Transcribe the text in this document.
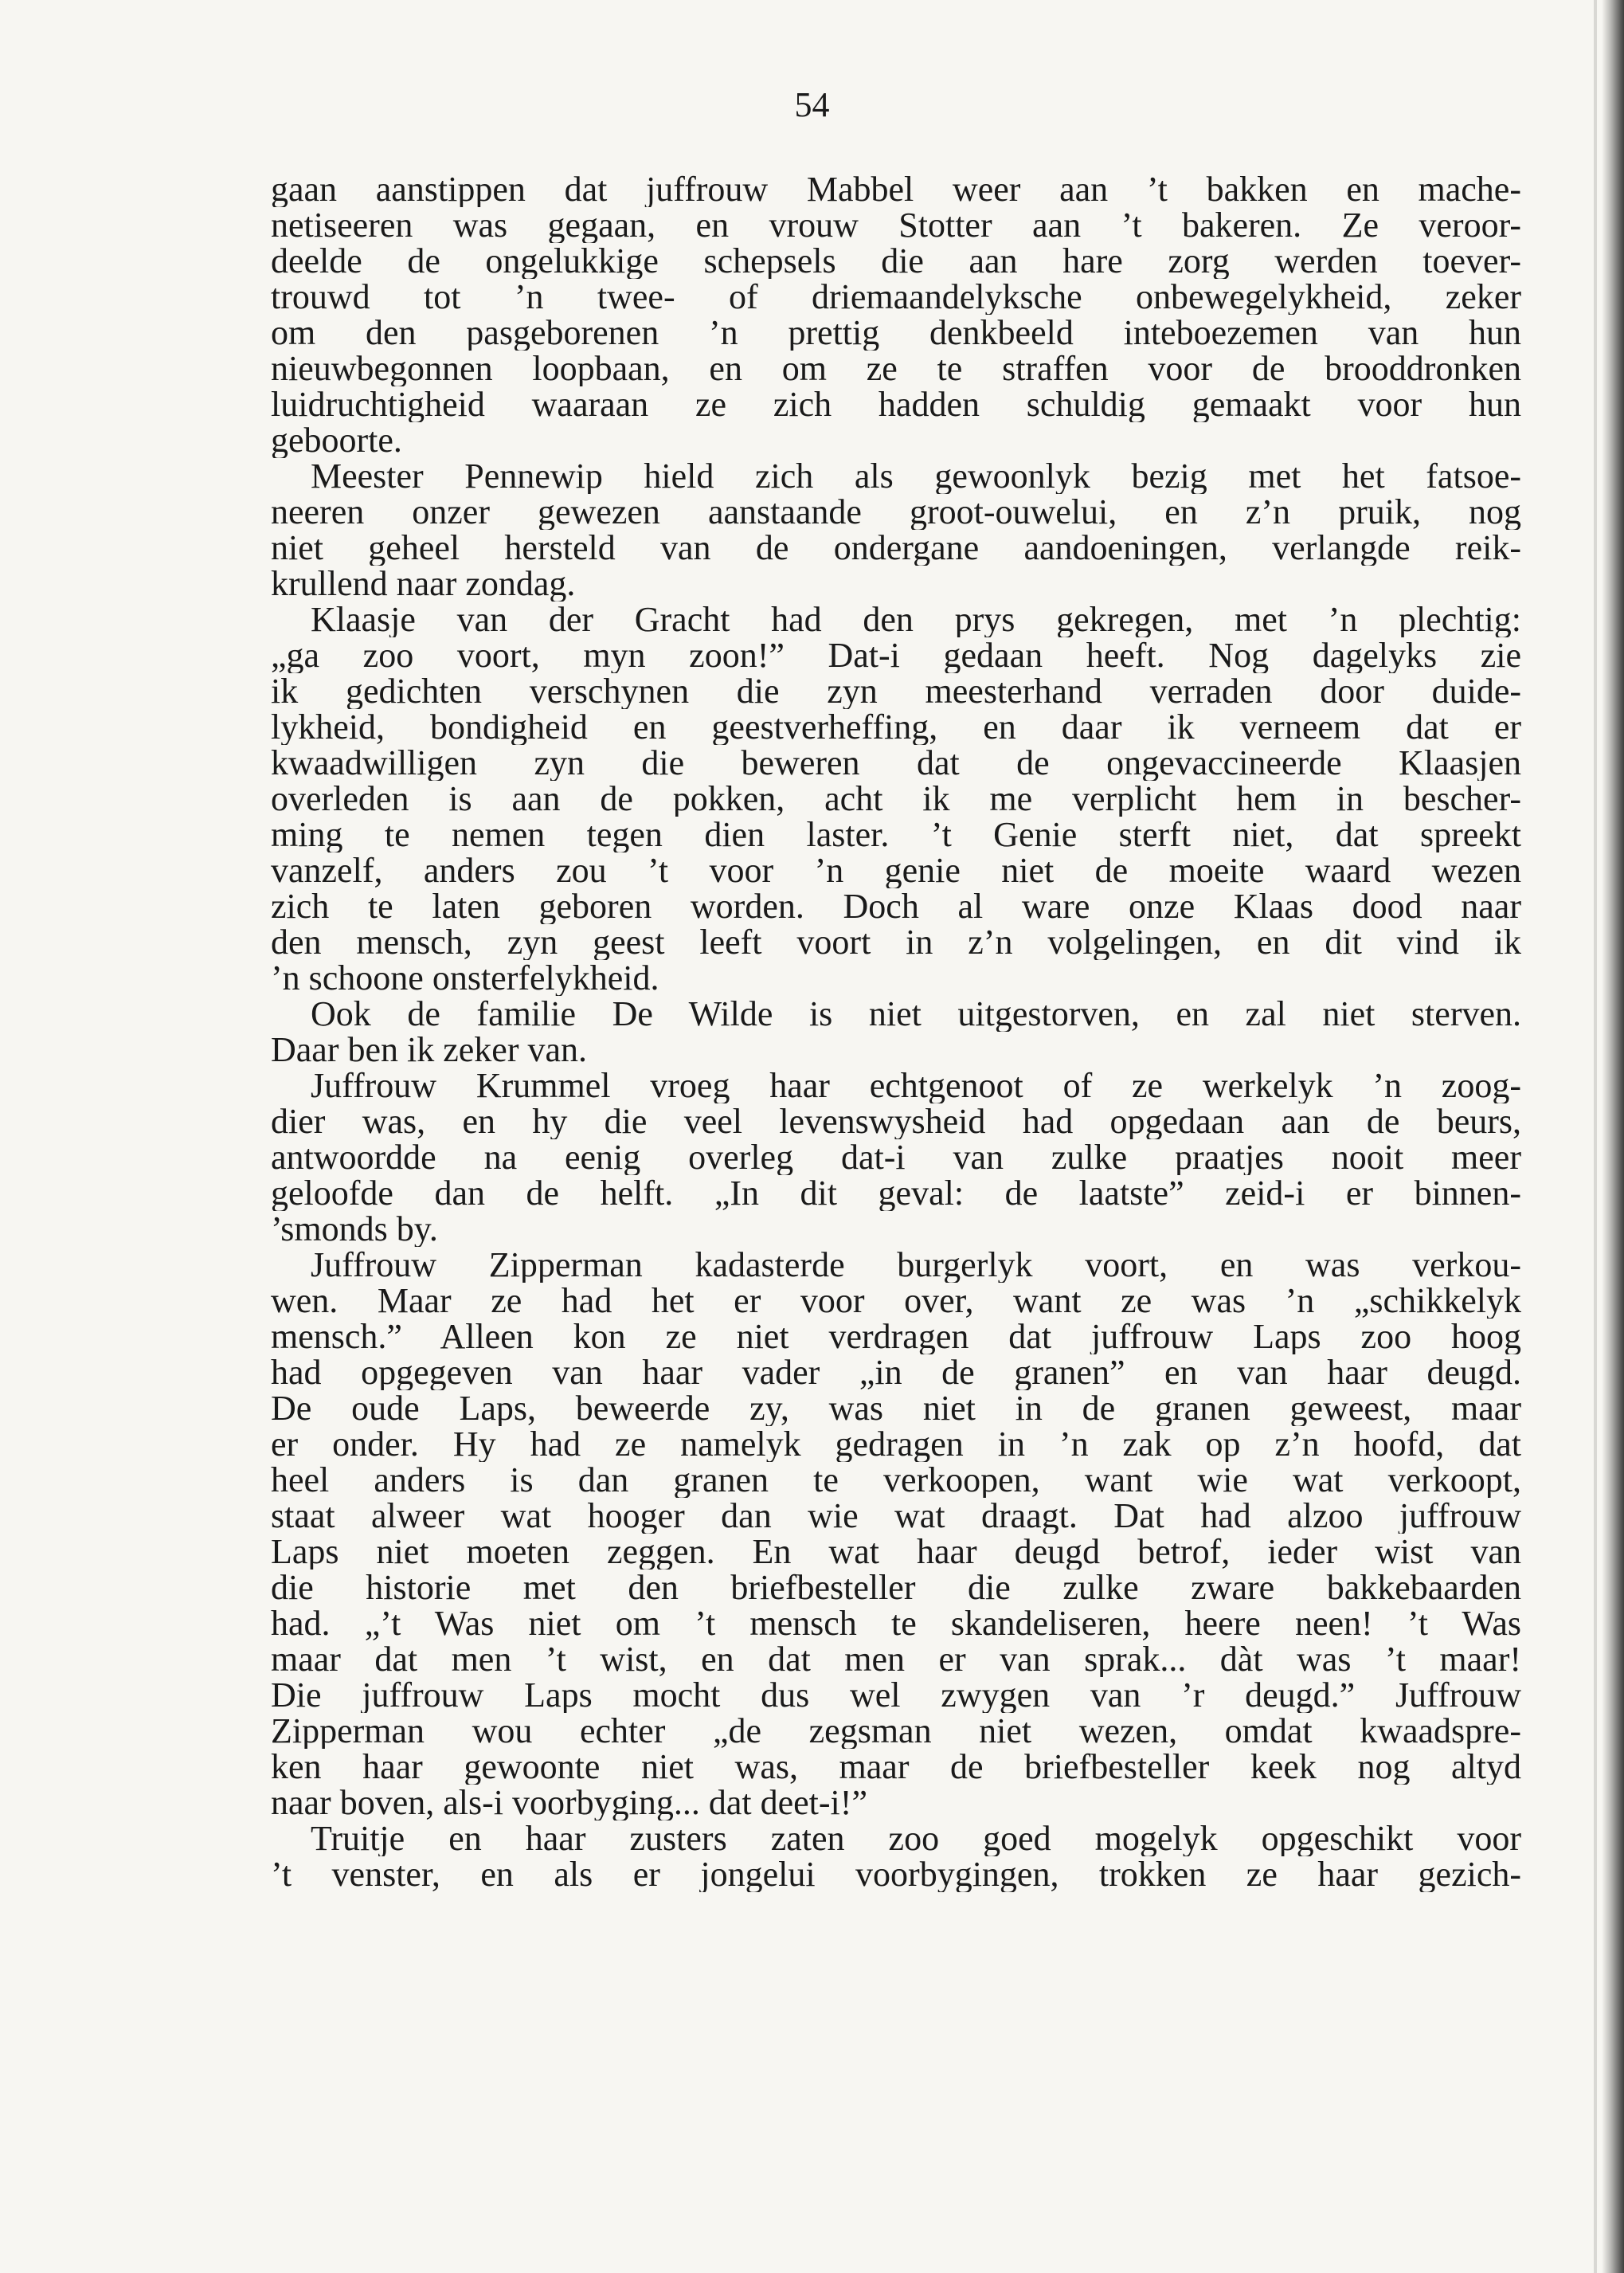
54
gaan aanstippen dat juffrouw Mabbel weer aan ’t bakken en mache-
netiseeren was gegaan, en vrouw Stotter aan ’t bakeren. Ze veroor-
deelde de ongelukkige schepsels die aan hare zorg werden toever-
trouwd tot ’n twee- of driemaandelyksche onbewegelykheid, zeker
om den pasgeborenen ’n prettig denkbeeld inteboezemen van hun
nieuwbegonnen loopbaan, en om ze te straffen voor de brooddronken
luidruchtigheid waaraan ze zich hadden schuldig gemaakt voor hun
geboorte.
Meester Pennewip hield zich als gewoonlyk bezig met het fatsoe-
neeren onzer gewezen aanstaande groot-ouwelui, en z’n pruik, nog
niet geheel hersteld van de ondergane aandoeningen, verlangde reik-
krullend naar zondag.
Klaasje van der Gracht had den prys gekregen, met ’n plechtig:
„ga zoo voort, myn zoon!” Dat-i gedaan heeft. Nog dagelyks zie
ik gedichten verschynen die zyn meesterhand verraden door duide-
lykheid, bondigheid en geestverheffing, en daar ik verneem dat er
kwaadwilligen zyn die beweren dat de ongevaccineerde Klaasjen
overleden is aan de pokken, acht ik me verplicht hem in bescher-
ming te nemen tegen dien laster. ’t Genie sterft niet, dat spreekt
vanzelf, anders zou ’t voor ’n genie niet de moeite waard wezen
zich te laten geboren worden. Doch al ware onze Klaas dood naar
den mensch, zyn geest leeft voort in z’n volgelingen, en dit vind ik
’n schoone onsterfelykheid.
Ook de familie De Wilde is niet uitgestorven, en zal niet sterven.
Daar ben ik zeker van.
Juffrouw Krummel vroeg haar echtgenoot of ze werkelyk ’n zoog-
dier was, en hy die veel levenswysheid had opgedaan aan de beurs,
antwoordde na eenig overleg dat-i van zulke praatjes nooit meer
geloofde dan de helft. „In dit geval: de laatste” zeid-i er binnen-
’smonds by.
Juffrouw Zipperman kadasterde burgerlyk voort, en was verkou-
wen. Maar ze had het er voor over, want ze was ’n „schikkelyk
mensch.” Alleen kon ze niet verdragen dat juffrouw Laps zoo hoog
had opgegeven van haar vader „in de granen” en van haar deugd.
De oude Laps, beweerde zy, was niet in de granen geweest, maar
er onder. Hy had ze namelyk gedragen in ’n zak op z’n hoofd, dat
heel anders is dan granen te verkoopen, want wie wat verkoopt,
staat alweer wat hooger dan wie wat draagt. Dat had alzoo juffrouw
Laps niet moeten zeggen. En wat haar deugd betrof, ieder wist van
die historie met den briefbesteller die zulke zware bakkebaarden
had. „’t Was niet om ’t mensch te skandeliseren, heere neen! ’t Was
maar dat men ’t wist, en dat men er van sprak... dàt was ’t maar!
Die juffrouw Laps mocht dus wel zwygen van ’r deugd.” Juffrouw
Zipperman wou echter „de zegsman niet wezen, omdat kwaadspre-
ken haar gewoonte niet was, maar de briefbesteller keek nog altyd
naar boven, als-i voorbyging... dat deet-i!”
Truitje en haar zusters zaten zoo goed mogelyk opgeschikt voor
’t venster, en als er jongelui voorbygingen, trokken ze haar gezich-
